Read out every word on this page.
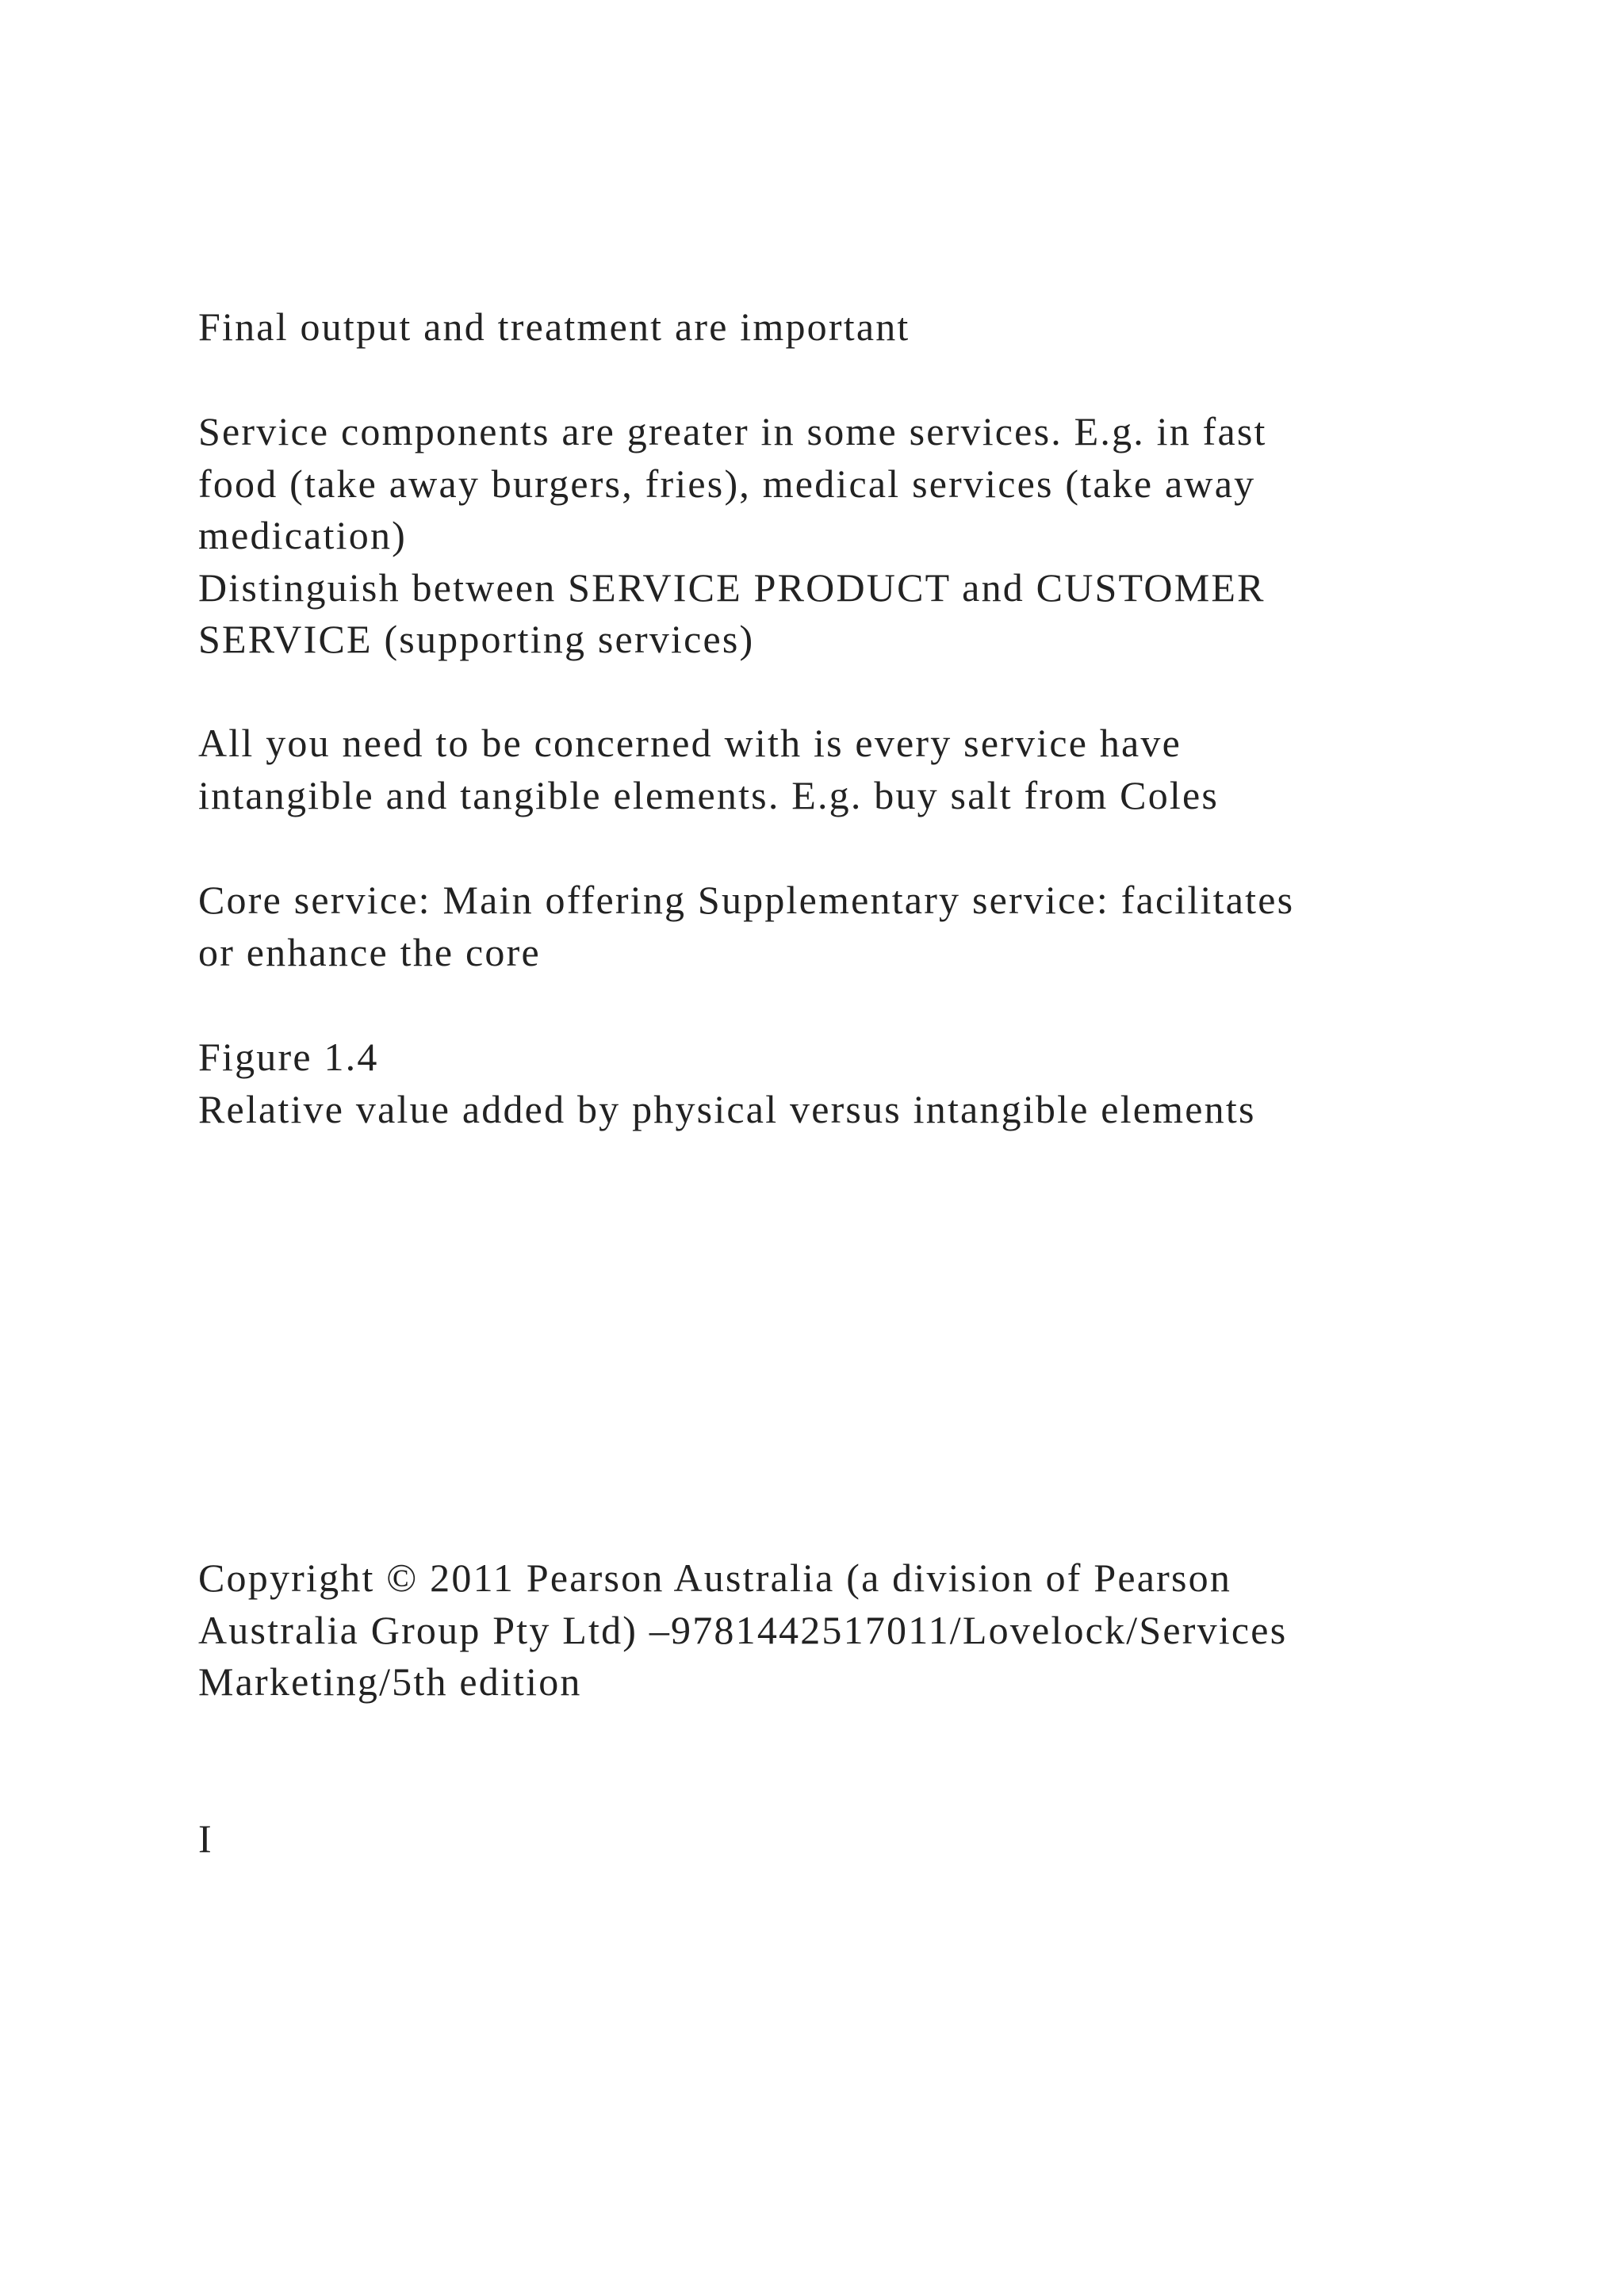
Final output and treatment are important

Service components are greater in some services. E.g. in fast
food (take away burgers, fries), medical services (take away
medication)
Distinguish between SERVICE PRODUCT and CUSTOMER
SERVICE (supporting services)

All you need to be concerned with is every service have
intangible and tangible elements. E.g. buy salt from Coles

Core service: Main offering Supplementary service: facilitates
or enhance the core

Figure 1.4
Relative value added by physical versus intangible elements

Copyright © 2011 Pearson Australia (a division of Pearson
Australia Group Pty Ltd) –9781442517011/Lovelock/Services
Marketing/5th edition

I
